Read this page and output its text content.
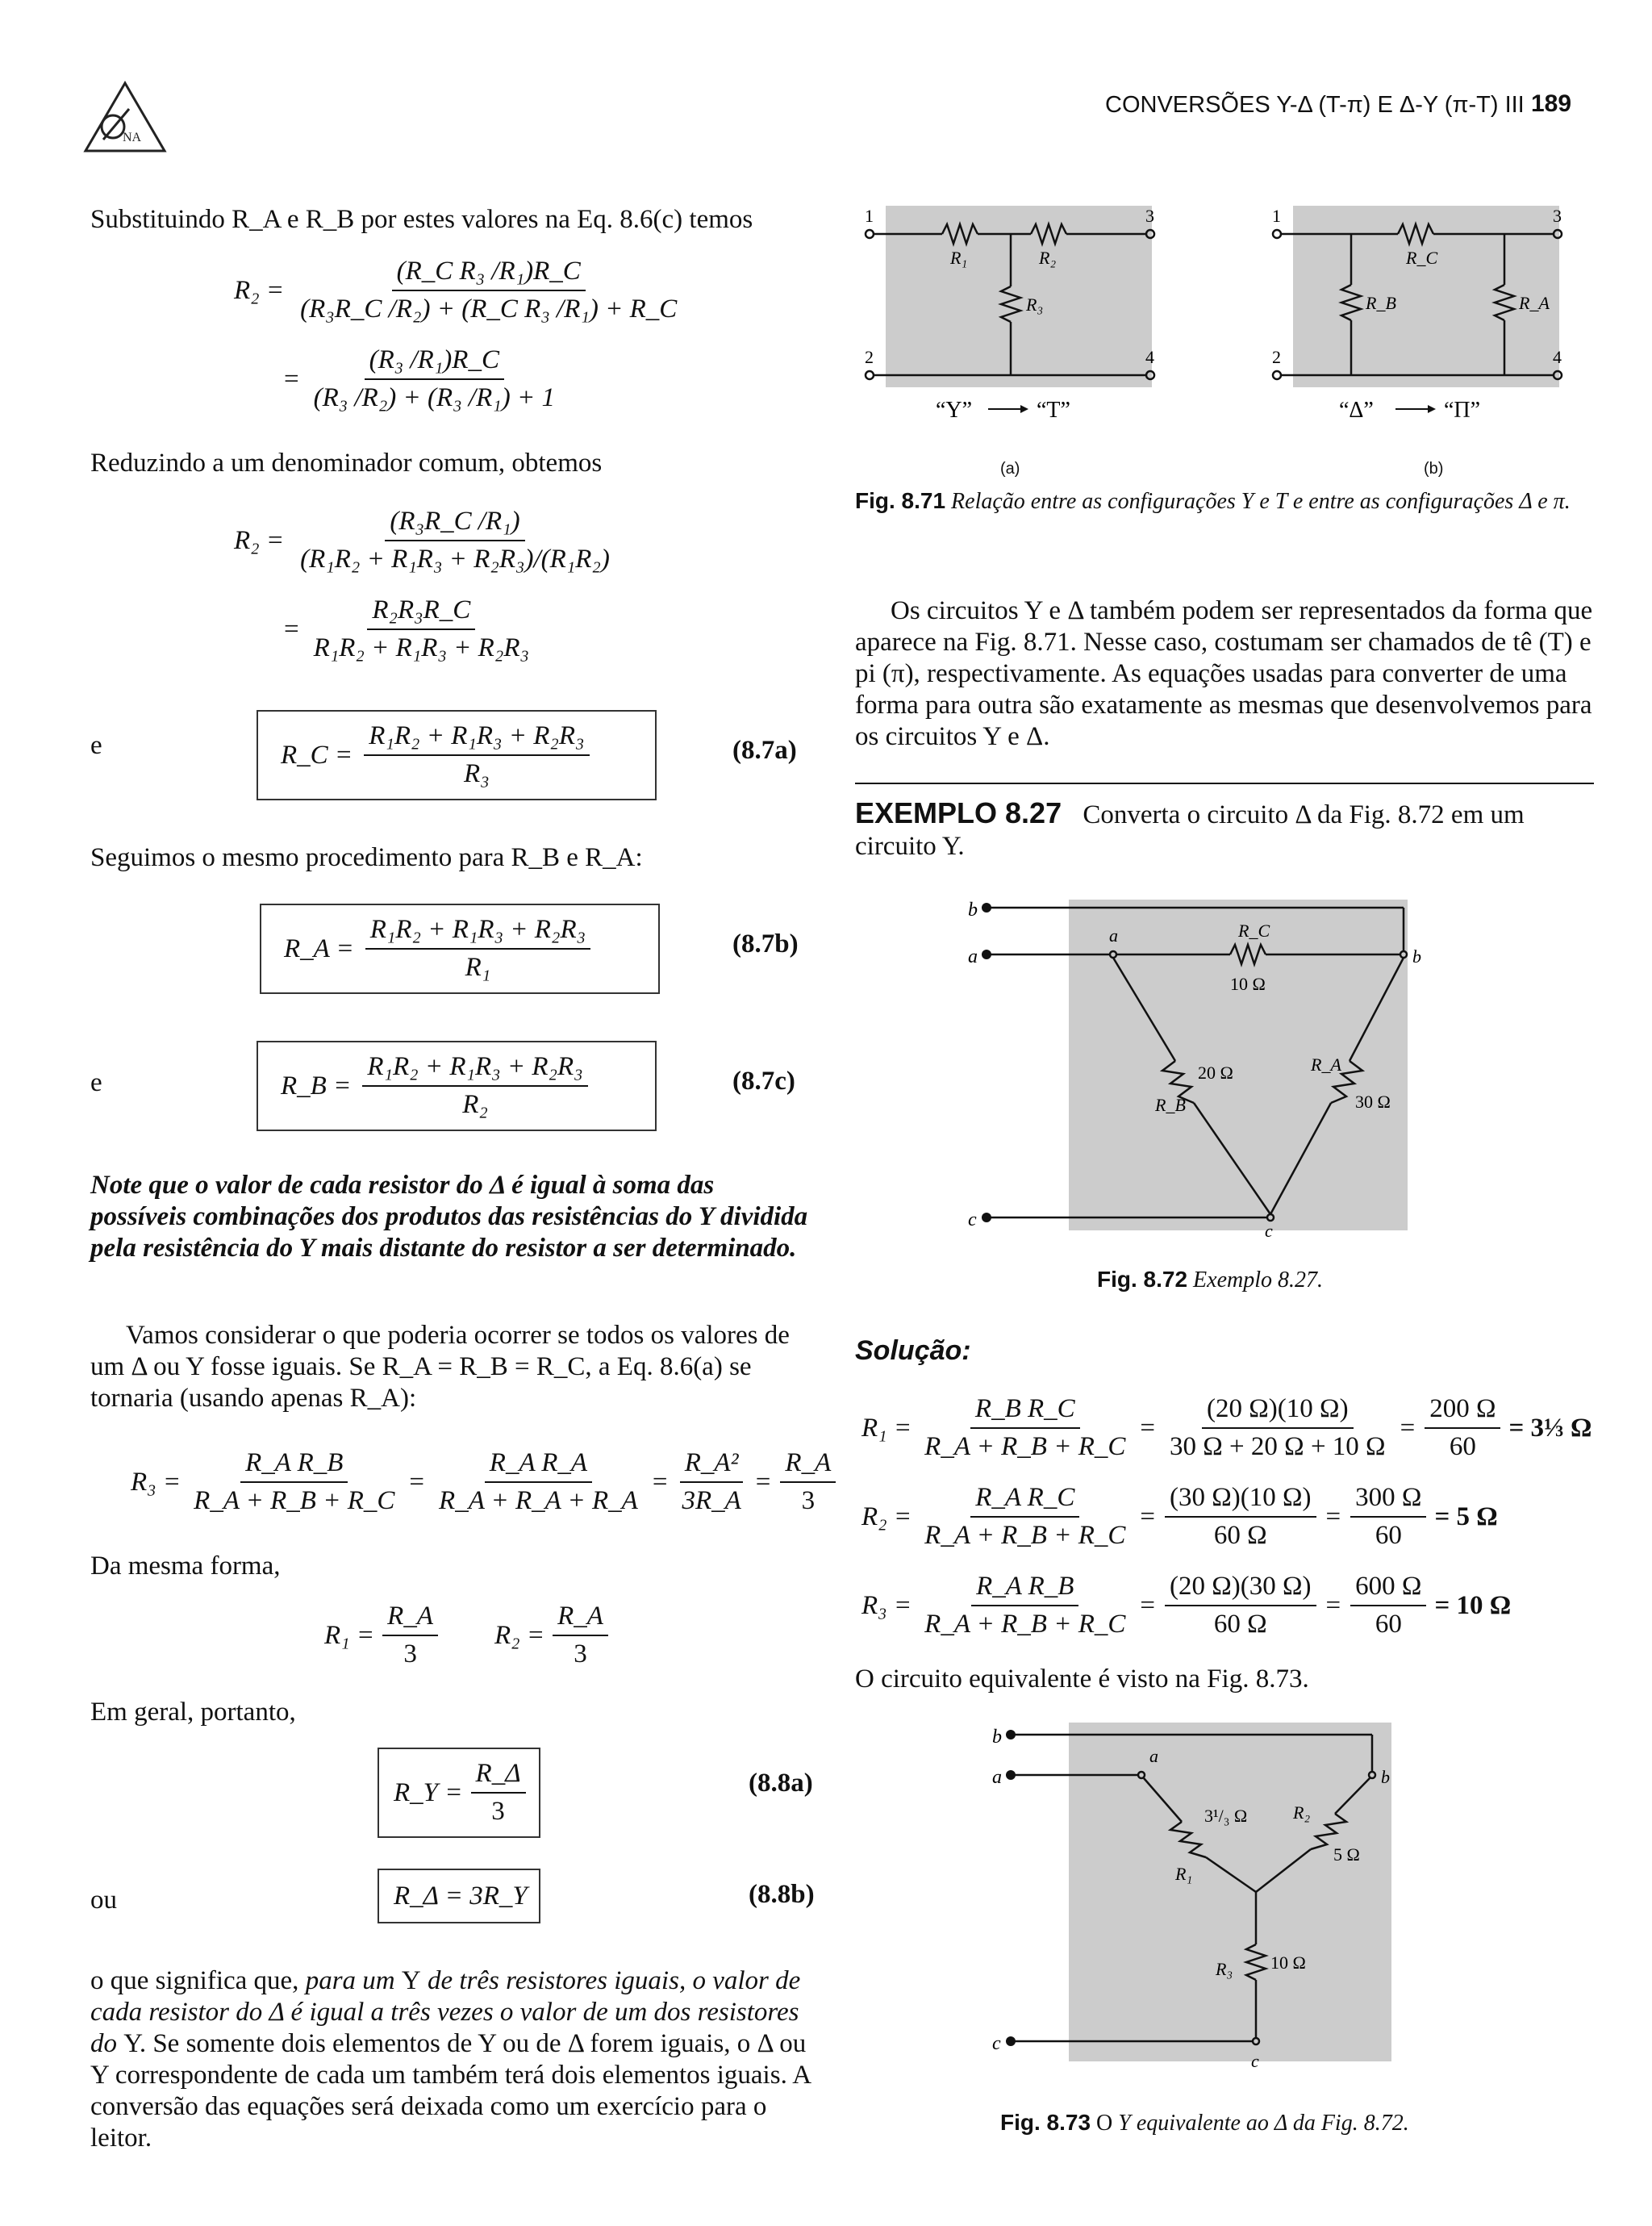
NA
CONVERSÕES Y-Δ (T-π) E Δ-Y (π-T) III 189
Substituindo R_A e R_B por estes valores na Eq. 8.6(c) temos
$R_2 = \frac{\text{(R\_C R₃ /R₁)R\_C}}{\text{(R₃R\_C /R₂) + (R\_C R₃ /R₁) + R\_C}}$
= $\frac{\text{(R₃ /R₁)R\_C}}{\text{(R₃ /R₂) + (R₃ /R₁) + 1}}$
Reduzindo a um denominador comum, obtemos
$R_2 = \frac{\text{(R₃R\_C /R₁)}}{\text{(R₁R₂ + R₁R₃ + R₂R₃)/(R₁R₂)}}$
= $\frac{\text{R₂R₃R\_C}}{\text{R₁R₂ + R₁R₃ + R₂R₃}}$
e	R_C = $\frac{\text{R₁R₂ + R₁R₃ + R₂R₃}}{\text{R₃}}$	(8.7a)
Seguimos o mesmo procedimento para R_B e R_A:
R_A = $\frac{\text{R₁R₂ + R₁R₃ + R₂R₃}}{\text{R₁}}$	(8.7b)
e	R_B = $\frac{\text{R₁R₂ + R₁R₃ + R₂R₃}}{\text{R₂}}$	(8.7c)
Note que o valor de cada resistor do Δ é igual à soma das possíveis combinações dos produtos das resistências do Y dividida pela resistência do Y mais distante do resistor a ser determinado.
Vamos considerar o que poderia ocorrer se todos os valores de um Δ ou Y fosse iguais. Se R_A = R_B = R_C, a Eq. 8.6(a) se tornaria (usando apenas R_A):
$R_3 = \frac{\text{R\_A R\_B}}{R\_A + R\_B + R\_C} = \frac{\text{R\_A R\_A}}{R\_A + R\_A + R\_A} = \frac{\text{R\_A²}}{3R\_A} = \frac{R\_A}{3}$
Da mesma forma,
$R_1 = \frac{R\_A}{3} R_2 = \frac{R\_A}{3}$
Em geral, portanto,
R_Y = $\frac{R\_\Delta}{3}$	(8.8a)
ou	R_Δ = 3R_Y	(8.8b)
o que significa que, para um Y de três resistores iguais, o valor de cada resistor do Δ é igual a três vezes o valor de um dos resistores do Y. Se somente dois elementos de Y ou de Δ forem iguais, o Δ ou Y correspondente de cada um também terá dois elementos iguais. A conversão das equações será deixada como um exercício para o leitor.
1	3
2	4
R₁	R₂
R₃
“Y”	“T”
(a)
1	3
2	4
R_C
R_B	R_A
“Δ”	“Π”
(b)
Fig. 8.71 Relação entre as configurações Y e T e entre as configurações Δ e π.
Os circuitos Y e Δ também podem ser representados da forma que aparece na Fig. 8.71. Nesse caso, costumam ser chamados de tê (T) e pi (π), respectivamente. As equações usadas para converter de uma forma para outra são exatamente as mesmas que desenvolvemos para os circuitos Y e Δ.
EXEMPLO 8.27 Converta o circuito Δ da Fig. 8.72 em um circuito Y.
b
a
c
a
b
c
R_C
10 Ω
20 Ω
R_B
R_A
30 Ω
Fig. 8.72 Exemplo 8.27.
Solução:
$R_1 = \frac{\text{R\_B R\_C}}{R\_A + R\_B + R\_C} = \frac{(20 \Omega)(10 \Omega)}{30 \Omega + 20 \Omega + 10 \Omega} = \frac{200 \Omega}{60}$ = 3⅓ Ω
$R_2 = \frac{\text{R\_A R\_C}}{R\_A + R\_B + R\_C} = \frac{(30 \Omega)(10 \Omega)}{60 \Omega} = \frac{300 \Omega}{60} = 5$ Ω
$R_3 = \frac{\text{R\_A R\_B}}{R\_A + R\_B + R\_C} = \frac{(20 \Omega)(30 \Omega)}{60 \Omega} = \frac{600 \Omega}{60} = 10$ Ω
O circuito equivalente é visto na Fig. 8.73.
b
a
c
a
b
c
3¹/₃ Ω
R₁
R₂
5 Ω
R₃ 10 Ω
Fig. 8.73 O Y equivalente ao Δ da Fig. 8.72.
